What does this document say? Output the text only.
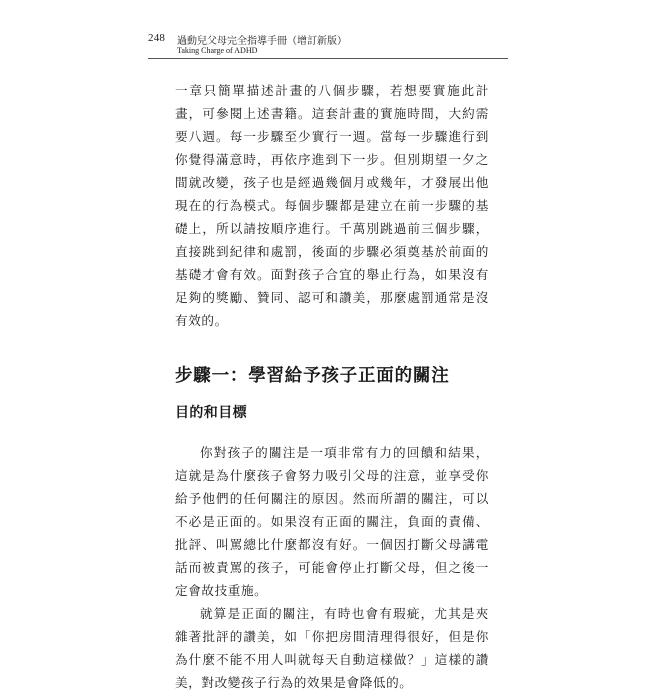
248 過動兒父母完全指導手冊（增訂新版）
Taking Charge of ADHD

一章只簡單描述計畫的八個步驟，若想要實施此計畫，可參閱上述書籍。這套計畫的實施時間，大約需要八週。每一步驟至少實行一週。當每一步驟進行到你覺得滿意時，再依序進到下一步。但別期望一夕之間就改變，孩子也是經過幾個月或幾年，才發展出他現在的行為模式。每個步驟都是建立在前一步驟的基礎上，所以請按順序進行。千萬別跳過前三個步驟，直接跳到紀律和處罰，後面的步驟必須奠基於前面的基礎才會有效。面對孩子合宜的舉止行為，如果沒有足夠的獎勵、贊同、認可和讚美，那麼處罰通常是沒有效的。

步驟一：學習給予孩子正面的關注
目的和目標

你對孩子的關注是一項非常有力的回饋和結果，這就是為什麼孩子會努力吸引父母的注意，並享受你給予他們的任何關注的原因。然而所謂的關注，可以不必是正面的。如果沒有正面的關注，負面的責備、批評、叫罵總比什麼都沒有好。一個因打斷父母講電話而被責罵的孩子，可能會停止打斷父母，但之後一定會故技重施。

就算是正面的關注，有時也會有瑕疵，尤其是夾雜著批評的讚美，如「你把房間清理得很好，但是你為什麼不能不用人叫就每天自動這樣做？」這樣的讚美，對改變孩子行為的效果是會降低的。
